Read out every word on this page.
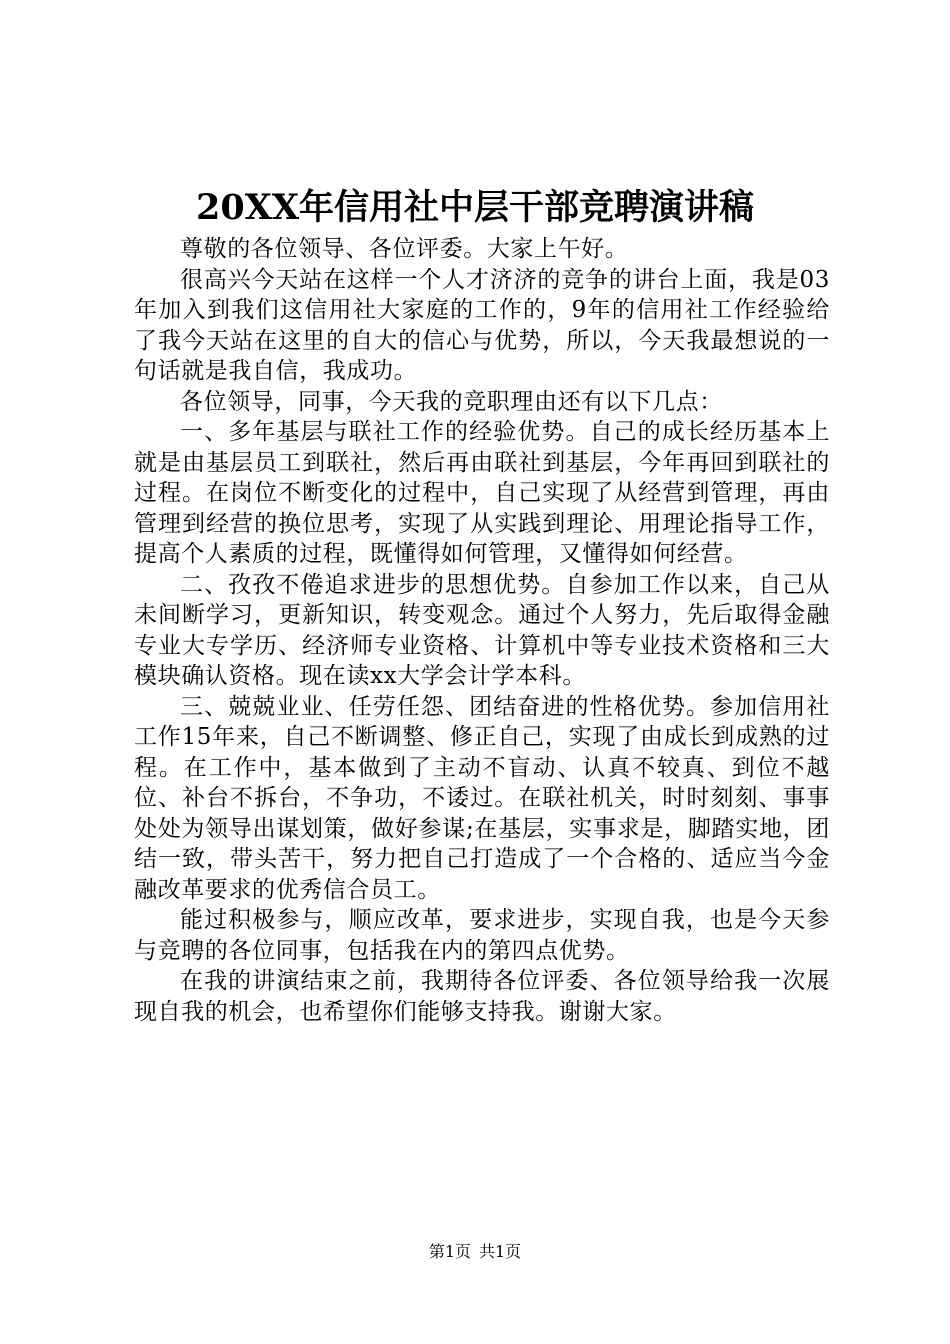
20XX年信用社中层干部竞聘演讲稿

尊敬的各位领导、各位评委。大家上午好。

很高兴今天站在这样一个人才济济的竞争的讲台上面，我是03年加入到我们这信用社大家庭的工作的，9年的信用社工作经验给了我今天站在这里的自大的信心与优势，所以，今天我最想说的一句话就是我自信，我成功。

各位领导，同事，今天我的竞职理由还有以下几点：

一、多年基层与联社工作的经验优势。自己的成长经历基本上就是由基层员工到联社，然后再由联社到基层，今年再回到联社的过程。在岗位不断变化的过程中，自己实现了从经营到管理，再由管理到经营的换位思考，实现了从实践到理论、用理论指导工作，提高个人素质的过程，既懂得如何管理，又懂得如何经营。

二、孜孜不倦追求进步的思想优势。自参加工作以来，自己从未间断学习，更新知识，转变观念。通过个人努力，先后取得金融专业大专学历、经济师专业资格、计算机中等专业技术资格和三大模块确认资格。现在读xx大学会计学本科。

三、兢兢业业、任劳任怨、团结奋进的性格优势。参加信用社工作15年来，自己不断调整、修正自己，实现了由成长到成熟的过程。在工作中，基本做到了主动不盲动、认真不较真、到位不越位、补台不拆台，不争功，不诿过。在联社机关，时时刻刻、事事处处为领导出谋划策，做好参谋;在基层，实事求是，脚踏实地，团结一致，带头苦干，努力把自己打造成了一个合格的、适应当今金融改革要求的优秀信合员工。

能过积极参与，顺应改革，要求进步，实现自我，也是今天参与竞聘的各位同事，包括我在内的第四点优势。

在我的讲演结束之前，我期待各位评委、各位领导给我一次展现自我的机会，也希望你们能够支持我。谢谢大家。

第1页 共1页
